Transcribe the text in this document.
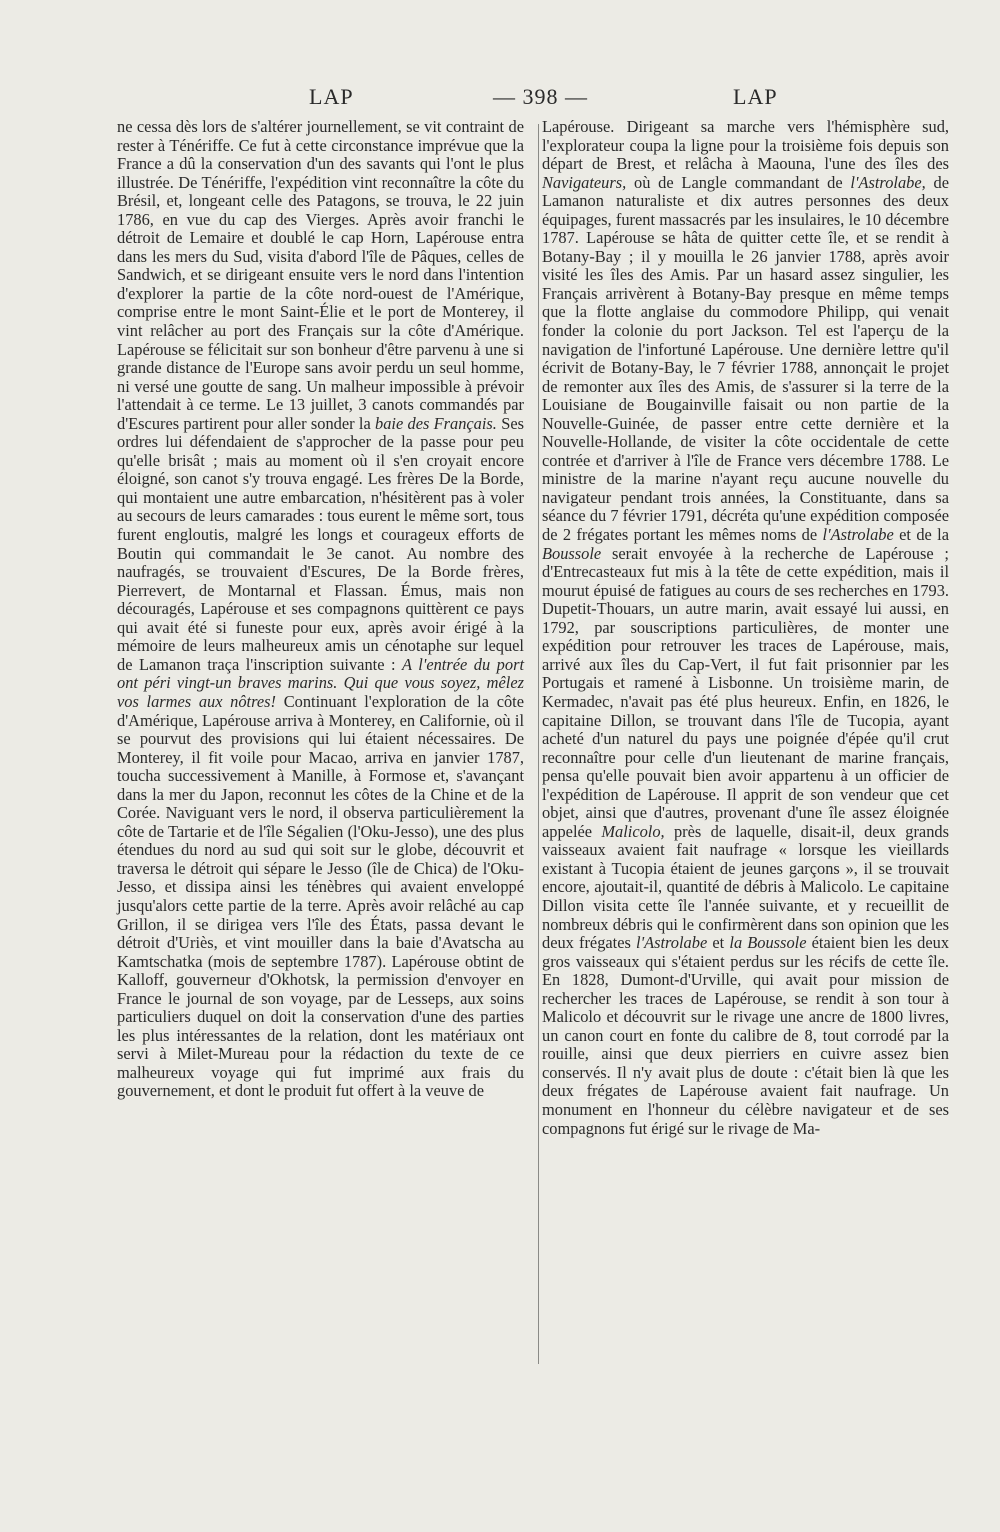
LAP	— 398 —	LAP

ne cessa dès lors de s'altérer journellement, se vit contraint de rester à Ténériffe. Ce fut à cette circonstance imprévue que la France a dû la conservation d'un des savants qui l'ont le plus illustrée. De Ténériffe, l'expédition vint reconnaître la côte du Brésil, et, longeant celle des Patagons, se trouva, le 22 juin 1786, en vue du cap des Vierges. Après avoir franchi le détroit de Lemaire et doublé le cap Horn, Lapérouse entra dans les mers du Sud, visita d'abord l'île de Pâques, celles de Sandwich, et se dirigeant ensuite vers le nord dans l'intention d'explorer la partie de la côte nord-ouest de l'Amérique, comprise entre le mont Saint-Élie et le port de Monterey, il vint relâcher au port des Français sur la côte d'Amérique. Lapérouse se félicitait sur son bonheur d'être parvenu à une si grande distance de l'Europe sans avoir perdu un seul homme, ni versé une goutte de sang. Un malheur impossible à prévoir l'attendait à ce terme. Le 13 juillet, 3 canots commandés par d'Escures partirent pour aller sonder la baie des Français. Ses ordres lui défendaient de s'approcher de la passe pour peu qu'elle brisât ; mais au moment où il s'en croyait encore éloigné, son canot s'y trouva engagé. Les frères De la Borde, qui montaient une autre embarcation, n'hésitèrent pas à voler au secours de leurs camarades : tous eurent le même sort, tous furent engloutis, malgré les longs et courageux efforts de Boutin qui commandait le 3e canot. Au nombre des naufragés, se trouvaient d'Escures, De la Borde frères, Pierrevert, de Montarnal et Flassan. Émus, mais non découragés, Lapérouse et ses compagnons quittèrent ce pays qui avait été si funeste pour eux, après avoir érigé à la mémoire de leurs malheureux amis un cénotaphe sur lequel de Lamanon traça l'inscription suivante : A l'entrée du port ont péri vingt-un braves marins. Qui que vous soyez, mêlez vos larmes aux nôtres! Continuant l'exploration de la côte d'Amérique, Lapérouse arriva à Monterey, en Californie, où il se pourvut des provisions qui lui étaient nécessaires. De Monterey, il fit voile pour Macao, arriva en janvier 1787, toucha successivement à Manille, à Formose et, s'avançant dans la mer du Japon, reconnut les côtes de la Chine et de la Corée. Naviguant vers le nord, il observa particulièrement la côte de Tartarie et de l'île Ségalien (l'Oku-Jesso), une des plus étendues du nord au sud qui soit sur le globe, découvrit et traversa le détroit qui sépare le Jesso (île de Chica) de l'Oku-Jesso, et dissipa ainsi les ténèbres qui avaient enveloppé jusqu'alors cette partie de la terre. Après avoir relâché au cap Grillon, il se dirigea vers l'île des États, passa devant le détroit d'Uriès, et vint mouiller dans la baie d'Avatscha au Kamtschatka (mois de septembre 1787). Lapérouse obtint de Kalloff, gouverneur d'Okhotsk, la permission d'envoyer en France le journal de son voyage, par de Lesseps, aux soins particuliers duquel on doit la conservation d'une des parties les plus intéressantes de la relation, dont les matériaux ont servi à Milet-Mureau pour la rédaction du texte de ce malheureux voyage qui fut imprimé aux frais du gouvernement, et dont le produit fut offert à la veuve de

Lapérouse. Dirigeant sa marche vers l'hémisphère sud, l'explorateur coupa la ligne pour la troisième fois depuis son départ de Brest, et relâcha à Maouna, l'une des îles des Navigateurs, où de Langle commandant de l'Astrolabe, de Lamanon naturaliste et dix autres personnes des deux équipages, furent massacrés par les insulaires, le 10 décembre 1787. Lapérouse se hâta de quitter cette île, et se rendit à Botany-Bay ; il y mouilla le 26 janvier 1788, après avoir visité les îles des Amis. Par un hasard assez singulier, les Français arrivèrent à Botany-Bay presque en même temps que la flotte anglaise du commodore Philipp, qui venait fonder la colonie du port Jackson. Tel est l'aperçu de la navigation de l'infortuné Lapérouse. Une dernière lettre qu'il écrivit de Botany-Bay, le 7 février 1788, annonçait le projet de remonter aux îles des Amis, de s'assurer si la terre de la Louisiane de Bougainville faisait ou non partie de la Nouvelle-Guinée, de passer entre cette dernière et la Nouvelle-Hollande, de visiter la côte occidentale de cette contrée et d'arriver à l'île de France vers décembre 1788. Le ministre de la marine n'ayant reçu aucune nouvelle du navigateur pendant trois années, la Constituante, dans sa séance du 7 février 1791, décréta qu'une expédition composée de 2 frégates portant les mêmes noms de l'Astrolabe et de la Boussole serait envoyée à la recherche de Lapérouse ; d'Entrecasteaux fut mis à la tête de cette expédition, mais il mourut épuisé de fatigues au cours de ses recherches en 1793. Dupetit-Thouars, un autre marin, avait essayé lui aussi, en 1792, par souscriptions particulières, de monter une expédition pour retrouver les traces de Lapérouse, mais, arrivé aux îles du Cap-Vert, il fut fait prisonnier par les Portugais et ramené à Lisbonne. Un troisième marin, de Kermadec, n'avait pas été plus heureux. Enfin, en 1826, le capitaine Dillon, se trouvant dans l'île de Tucopia, ayant acheté d'un naturel du pays une poignée d'épée qu'il crut reconnaître pour celle d'un lieutenant de marine français, pensa qu'elle pouvait bien avoir appartenu à un officier de l'expédition de Lapérouse. Il apprit de son vendeur que cet objet, ainsi que d'autres, provenant d'une île assez éloignée appelée Malicolo, près de laquelle, disait-il, deux grands vaisseaux avaient fait naufrage « lorsque les vieillards existant à Tucopia étaient de jeunes garçons », il se trouvait encore, ajoutait-il, quantité de débris à Malicolo. Le capitaine Dillon visita cette île l'année suivante, et y recueillit de nombreux débris qui le confirmèrent dans son opinion que les deux frégates l'Astrolabe et la Boussole étaient bien les deux gros vaisseaux qui s'étaient perdus sur les récifs de cette île. En 1828, Dumont-d'Urville, qui avait pour mission de rechercher les traces de Lapérouse, se rendit à son tour à Malicolo et découvrit sur le rivage une ancre de 1800 livres, un canon court en fonte du calibre de 8, tout corrodé par la rouille, ainsi que deux pierriers en cuivre assez bien conservés. Il n'y avait plus de doute : c'était bien là que les deux frégates de Lapérouse avaient fait naufrage. Un monument en l'honneur du célèbre navigateur et de ses compagnons fut érigé sur le rivage de Ma-
